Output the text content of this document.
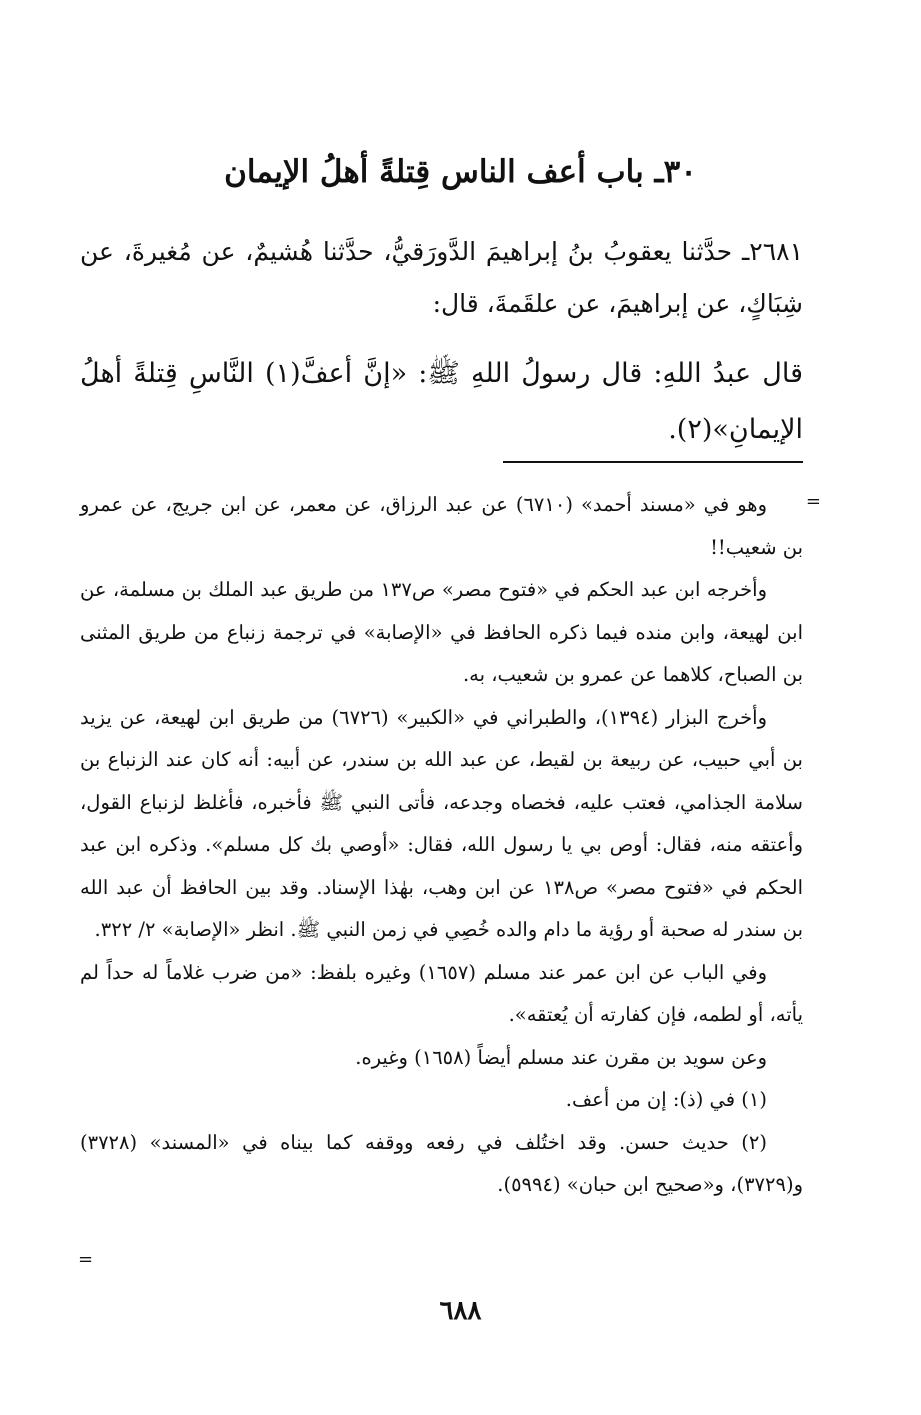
٣٠ـ باب أعف الناس قِتلةً أهلُ الإيمان
٢٦٨١ـ حدَّثنا يعقوبُ بنُ إبراهيمَ الدَّورَقيُّ، حدَّثنا هُشيمٌ، عن مُغيرةَ، عن شِبَاكٍ، عن إبراهيمَ، عن علقَمةَ، قال:
قال عبدُ اللهِ: قال رسولُ اللهِ ﷺ: «إنَّ أعفَّ(١) النَّاسِ قِتلةً أهلُ الإيمانِ»(٢).
=

وهو في «مسند أحمد» (٦٧١٠) عن عبد الرزاق، عن معمر، عن ابن جريج، عن عمرو بن شعيب!!

وأخرجه ابن عبد الحكم في «فتوح مصر» ص١٣٧ من طريق عبد الملك بن مسلمة، عن ابن لهيعة، وابن منده فيما ذكره الحافظ في «الإصابة» في ترجمة زنباع من طريق المثنى بن الصباح، كلاهما عن عمرو بن شعيب، به.

وأخرج البزار (١٣٩٤)، والطبراني في «الكبير» (٦٧٢٦) من طريق ابن لهيعة، عن يزيد بن أبي حبيب، عن ربيعة بن لقيط، عن عبد الله بن سندر، عن أبيه: أنه كان عند الزنباع بن سلامة الجذامي، فعتب عليه، فخصاه وجدعه، فأتى النبي ﷺ فأخبره، فأغلظ لزنباع القول، وأعتقه منه، فقال: أوص بي يا رسول الله، فقال: «أوصي بك كل مسلم». وذكره ابن عبد الحكم في «فتوح مصر» ص١٣٨ عن ابن وهب، بهٰذا الإسناد. وقد بين الحافظ أن عبد الله بن سندر له صحبة أو رؤية ما دام والده خُصِي في زمن النبي ﷺ. انظر «الإصابة» ٢/ ٣٢٢.

وفي الباب عن ابن عمر عند مسلم (١٦٥٧) وغيره بلفظ: «من ضرب غلاماً له حداً لم يأته، أو لطمه، فإن كفارته أن يُعتقه».

وعن سويد بن مقرن عند مسلم أيضاً (١٦٥٨) وغيره.

(١) في (ذ): إن من أعف.

(٢) حديث حسن. وقد اختُلف في رفعه ووقفه كما بيناه في «المسند» (٣٧٢٨) و(٣٧٢٩)، و«صحيح ابن حبان» (٥٩٩٤).

=
٦٨٨
